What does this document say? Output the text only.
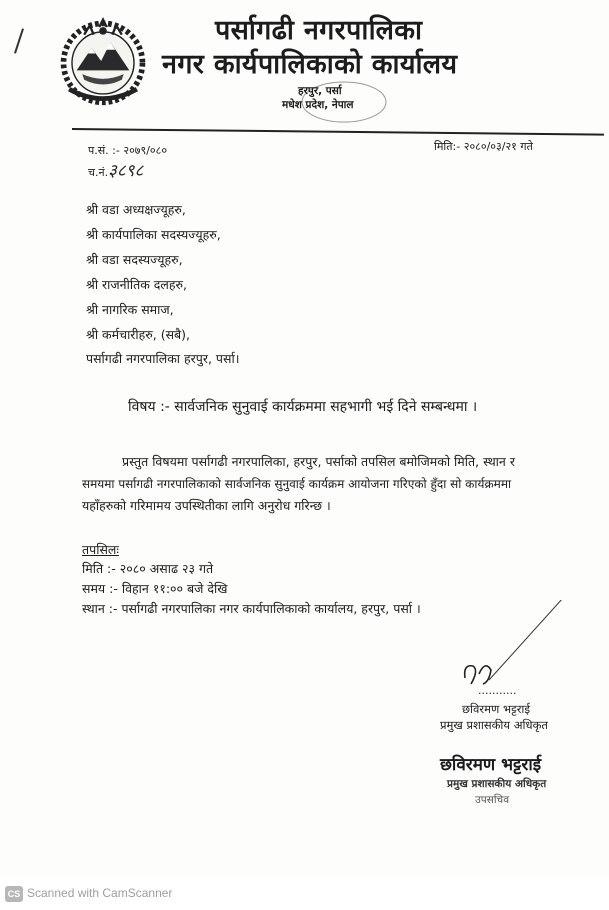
पर्सागढी नगरपालिका
नगर कार्यपालिकाको कार्यालय
हरपुर, पर्सा
मधेश प्रदेश, नेपाल
प.सं. :- २०७९/०८०	मिति:- २०८०/०३/२१ गते
च.नं. ३८९८
श्री वडा अध्यक्षज्यूहरु,
श्री कार्यपालिका सदस्यज्यूहरु,
श्री वडा सदस्यज्यूहरु,
श्री राजनीतिक दलहरु,
श्री नागरिक समाज,
श्री कर्मचारीहरु, (सबै),
पर्सागढी नगरपालिका हरपुर, पर्सा।
विषय :- सार्वजनिक सुनुवाई कार्यक्रममा सहभागी भई दिने सम्बन्धमा ।
प्रस्तुत विषयमा पर्सागढी नगरपालिका, हरपुर, पर्साको तपसिल बमोजिमको मिति, स्थान र
समयमा पर्सागढी नगरपालिकाको सार्वजनिक सुनुवाई कार्यक्रम आयोजना गरिएको हुँदा सो कार्यक्रममा
यहाँहरुको गरिमामय उपस्थितीका लागि अनुरोध गरिन्छ ।
तपसिलः
मिति :- २०८० असाढ २३ गते
समय :- विहान ११:०० बजे देखि
स्थान :- पर्सागढी नगरपालिका नगर कार्यपालिकाको कार्यालय, हरपुर, पर्सा ।
...........
छविरमण भट्टराई
प्रमुख प्रशासकीय अधिकृत
छविरमण भट्टराई
प्रमुख प्रशासकीय अधिकृत
उपसचिव
CS Scanned with CamScanner
